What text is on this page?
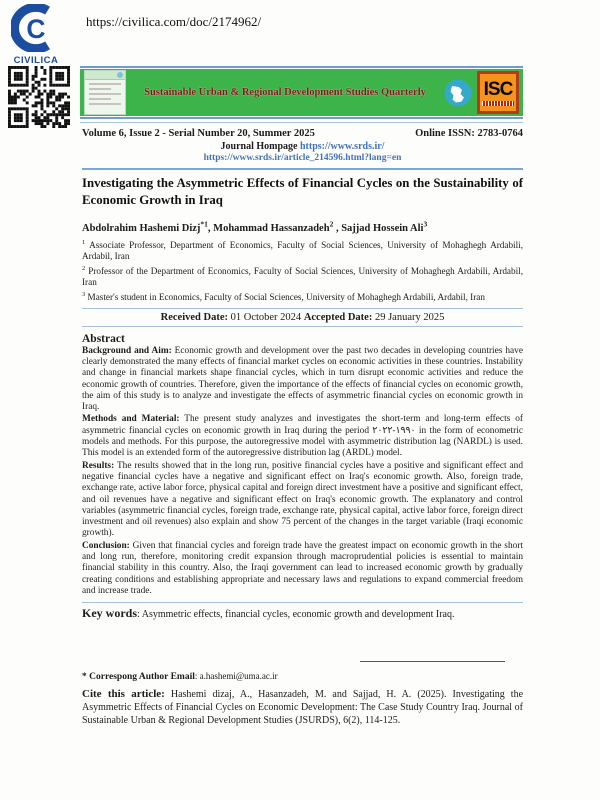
C
CIVILICA
https://civilica.com/doc/2174962/
Sustainable Urban & Regional Development Studies Quarterly	ISC
Volume 6, Issue 2 - Serial Number 20, Summer 2025	Online ISSN: 2783-0764
Journal Hompage https://www.srds.ir/
https://www.srds.ir/article_214596.html?lang=en
Investigating the Asymmetric Effects of Financial Cycles on the Sustainability of Economic Growth in Iraq
Abdolrahim Hashemi Dizj$^{*1}$, Mohammad Hassanzadeh$^2$ , Sajjad Hossein Ali$^3$
$^1$ Associate Professor, Department of Economics, Faculty of Social Sciences, University of Mohaghegh Ardabili, Ardabil, Iran
$^2$ Professor of the Department of Economics, Faculty of Social Sciences, University of Mohaghegh Ardabili, Ardabil, Iran
$^3$ Master's student in Economics, Faculty of Social Sciences, University of Mohaghegh Ardabili, Ardabil, Iran
Received Date: 01 October 2024 Accepted Date: 29 January 2025
Abstract

Background and Aim: Economic growth and development over the past two decades in developing countries have clearly demonstrated the many effects of financial market cycles on economic activities in these countries. Instability and change in financial markets shape financial cycles, which in turn disrupt economic activities and reduce the economic growth of countries. Therefore, given the importance of the effects of financial cycles on economic growth, the aim of this study is to analyze and investigate the effects of asymmetric financial cycles on economic growth in Iraq.

Methods and Material: The present study analyzes and investigates the short-term and long-term effects of asymmetric financial cycles on economic growth in Iraq during the period ۲۰۲۲-۱۹۹۰ in the form of econometric models and methods. For this purpose, the autoregressive model with asymmetric distribution lag (NARDL) is used. This model is an extended form of the autoregressive distribution lag (ARDL) model.

Results: The results showed that in the long run, positive financial cycles have a positive and significant effect and negative financial cycles have a negative and significant effect on Iraq's economic growth. Also, foreign trade, exchange rate, active labor force, physical capital and foreign direct investment have a positive and significant effect, and oil revenues have a negative and significant effect on Iraq's economic growth. The explanatory and control variables (asymmetric financial cycles, foreign trade, exchange rate, physical capital, active labor force, foreign direct investment and oil revenues) also explain and show 75 percent of the changes in the target variable (Iraqi economic growth).

Conclusion: Given that financial cycles and foreign trade have the greatest impact on economic growth in the short and long run, therefore, monitoring credit expansion through macroprudential policies is essential to maintain financial stability in this country. Also, the Iraqi government can lead to increased economic growth by gradually creating conditions and establishing appropriate and necessary laws and regulations to expand commercial freedom and increase trade.

Key words: Asymmetric effects, financial cycles, economic growth and development Iraq.
* Correspong Author Email: a.hashemi@uma.ac.ir
Cite this article: Hashemi dizaj, A., Hasanzadeh, M. and Sajjad, H. A. (2025). Investigating the Asymmetric Effects of Financial Cycles on Economic Development: The Case Study Country Iraq. Journal of Sustainable Urban & Regional Development Studies (JSURDS), 6(2), 114-125.
